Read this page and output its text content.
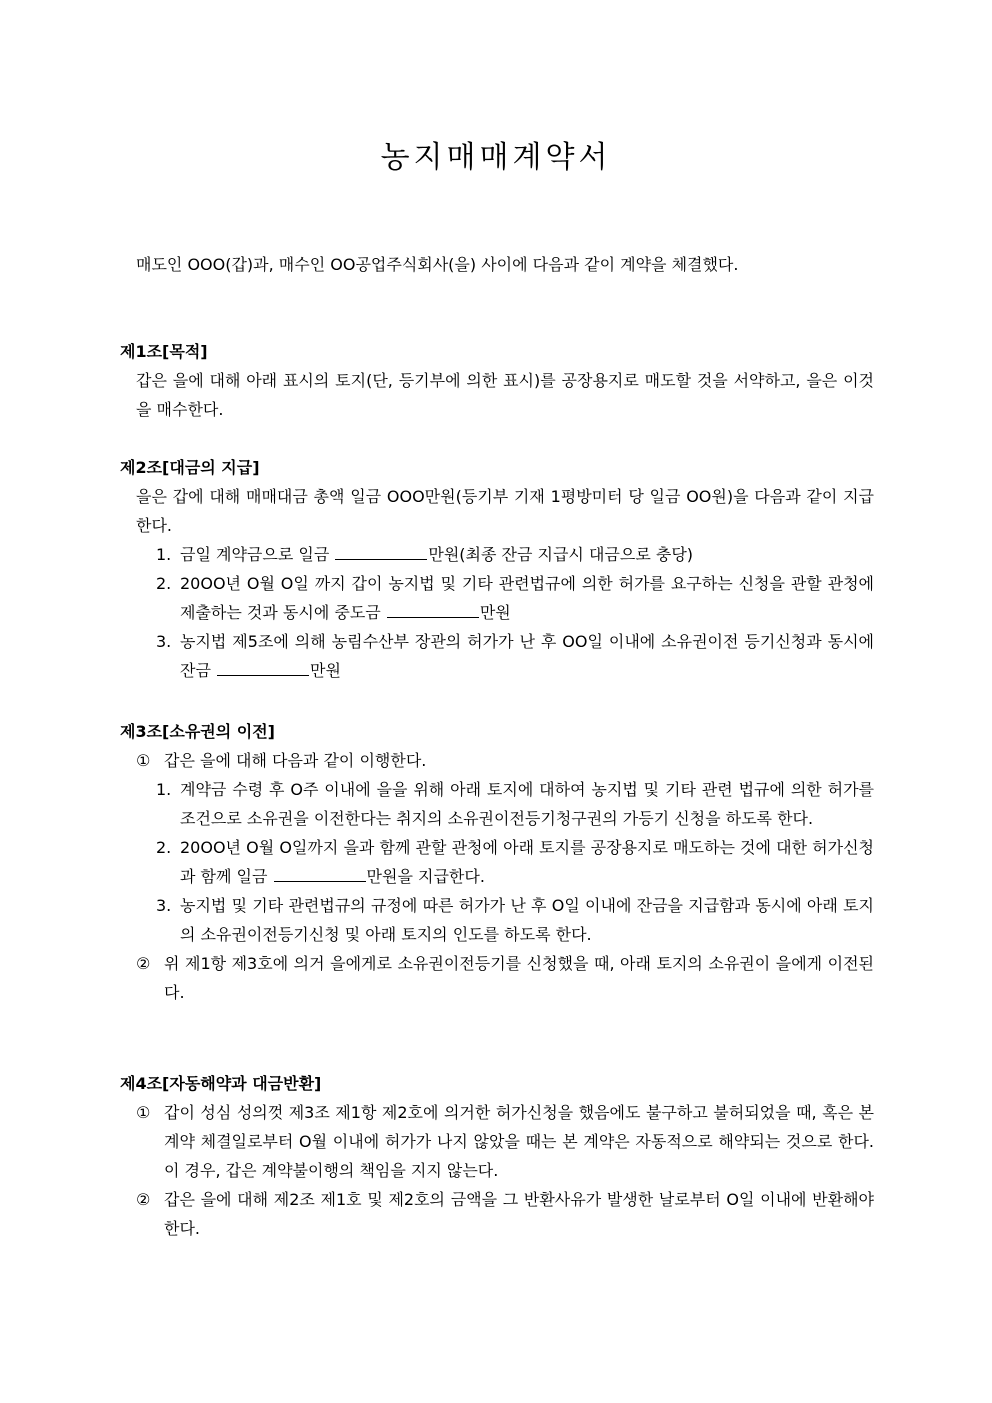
농지매매계약서
매도인 OOO(갑)과, 매수인 OO공업주식회사(을) 사이에 다음과 같이 계약을 체결했다.
제1조[목적]
갑은 을에 대해 아래 표시의 토지(단, 등기부에 의한 표시)를 공장용지로 매도할 것을 서약하고, 을은 이것을 매수한다.
제2조[대금의 지급]
을은 갑에 대해 매매대금 총액 일금 OOO만원(등기부 기재 1평방미터 당 일금 OO원)을 다음과 같이 지급한다.
1. 금일 계약금으로 일금	만원(최종 잔금 지급시 대금으로 충당)
2. 20OO년 O월 O일 까지 갑이 농지법 및 기타 관련법규에 의한 허가를 요구하는 신청을 관할 관청에 제출하는 것과 동시에 중도금	만원
3. 농지법 제5조에 의해 농림수산부 장관의 허가가 난 후 OO일 이내에 소유권이전 등기신청과 동시에 잔금	만원
제3조[소유권의 이전]
① 갑은 을에 대해 다음과 같이 이행한다.
1. 계약금 수령 후 O주 이내에 을을 위해 아래 토지에 대하여 농지법 및 기타 관련 법규에 의한 허가를 조건으로 소유권을 이전한다는 취지의 소유권이전등기청구권의 가등기 신청을 하도록 한다.
2. 20OO년 O월 O일까지 을과 함께 관할 관청에 아래 토지를 공장용지로 매도하는 것에 대한 허가신청과 함께 일금	만원을 지급한다.
3. 농지법 및 기타 관련법규의 규정에 따른 허가가 난 후 O일 이내에 잔금을 지급함과 동시에 아래 토지의 소유권이전등기신청 및 아래 토지의 인도를 하도록 한다.
② 위 제1항 제3호에 의거 을에게로 소유권이전등기를 신청했을 때, 아래 토지의 소유권이 을에게 이전된다.
제4조[자동해약과 대금반환]
① 갑이 성심 성의껏 제3조 제1항 제2호에 의거한 허가신청을 했음에도 불구하고 불허되었을 때, 혹은 본 계약 체결일로부터 O월 이내에 허가가 나지 않았을 때는 본 계약은 자동적으로 해약되는 것으로 한다. 이 경우, 갑은 계약불이행의 책임을 지지 않는다.
② 갑은 을에 대해 제2조 제1호 및 제2호의 금액을 그 반환사유가 발생한 날로부터 O일 이내에 반환해야 한다.
